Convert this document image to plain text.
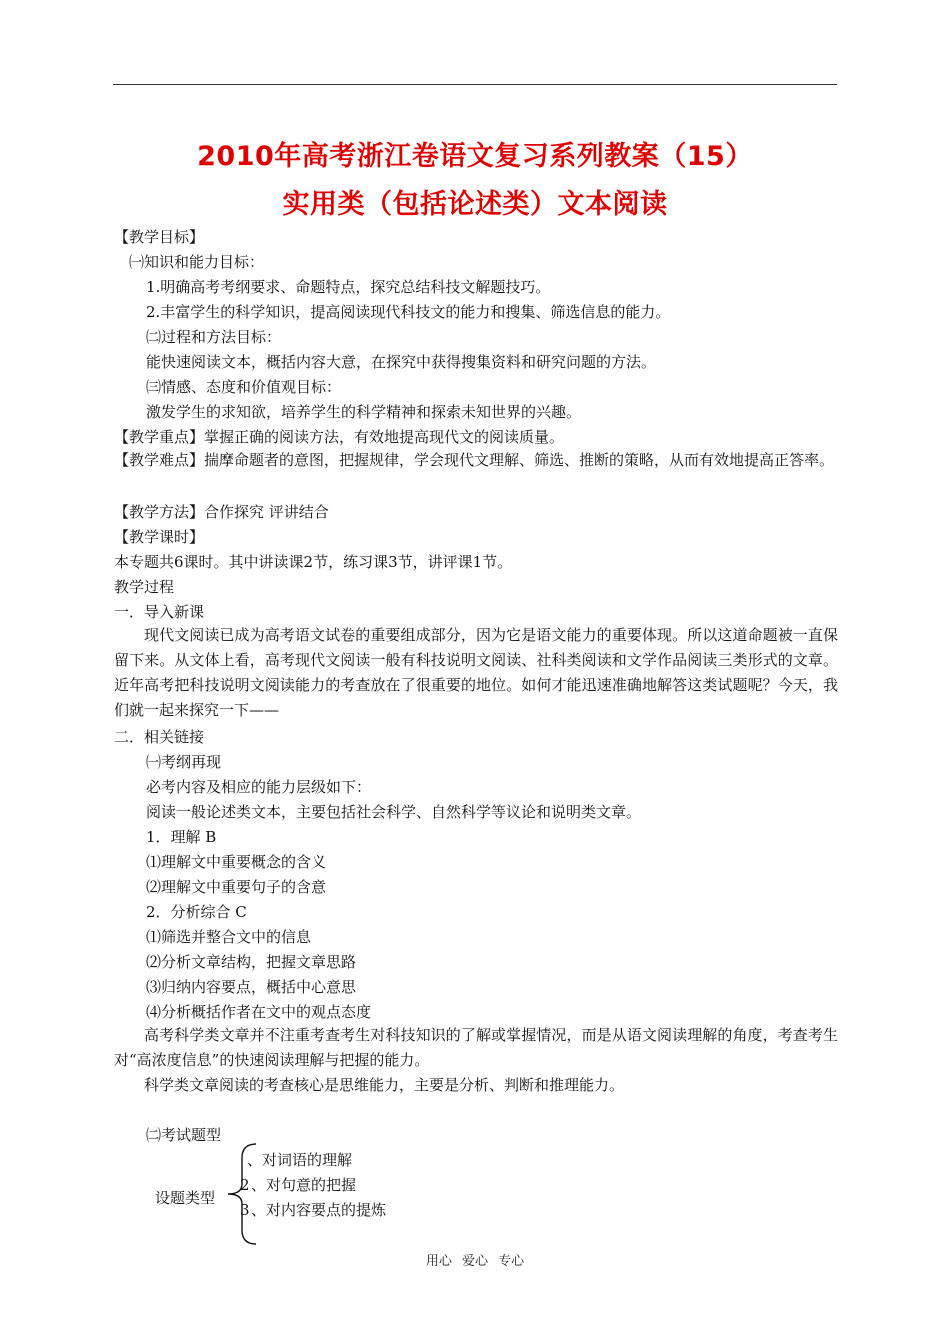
2010年高考浙江卷语文复习系列教案（15）
实用类（包括论述类）文本阅读
【教学目标】
㈠知识和能力目标：
1.明确高考考纲要求、命题特点，探究总结科技文解题技巧。
2.丰富学生的科学知识，提高阅读现代科技文的能力和搜集、筛选信息的能力。
㈡过程和方法目标：
能快速阅读文本，概括内容大意，在探究中获得搜集资料和研究问题的方法。
㈢情感、态度和价值观目标：
激发学生的求知欲，培养学生的科学精神和探索未知世界的兴趣。
【教学重点】掌握正确的阅读方法，有效地提高现代文的阅读质量。
【教学难点】揣摩命题者的意图，把握规律，学会现代文理解、筛选、推断的策略，从而有效地提高正答率。
【教学方法】合作探究 评讲结合
【教学课时】
本专题共6课时。其中讲读课2节，练习课3节，讲评课1节。
教学过程
一．导入新课
现代文阅读已成为高考语文试卷的重要组成部分，因为它是语文能力的重要体现。所以这道命题被一直保留下来。从文体上看，高考现代文阅读一般有科技说明文阅读、社科类阅读和文学作品阅读三类形式的文章。近年高考把科技说明文阅读能力的考查放在了很重要的地位。如何才能迅速准确地解答这类试题呢？今天，我们就一起来探究一下——
二．相关链接
㈠考纲再现
必考内容及相应的能力层级如下：
阅读一般论述类文本，主要包括社会科学、自然科学等议论和说明类文章。
1．理解 B
⑴理解文中重要概念的含义
⑵理解文中重要句子的含意
2．分析综合 C
⑴筛选并整合文中的信息
⑵分析文章结构，把握文章思路
⑶归纳内容要点，概括中心意思
⑷分析概括作者在文中的观点态度
高考科学类文章并不注重考查考生对科技知识的了解或掌握情况，而是从语文阅读理解的角度，考查考生对“高浓度信息”的快速阅读理解与把握的能力。
科学类文章阅读的考查核心是思维能力，主要是分析、判断和推理能力。
㈡考试题型
设题类型
、对词语的理解
2 、对句意的把握
3 、对内容要点的提炼
用心 爱心 专心
